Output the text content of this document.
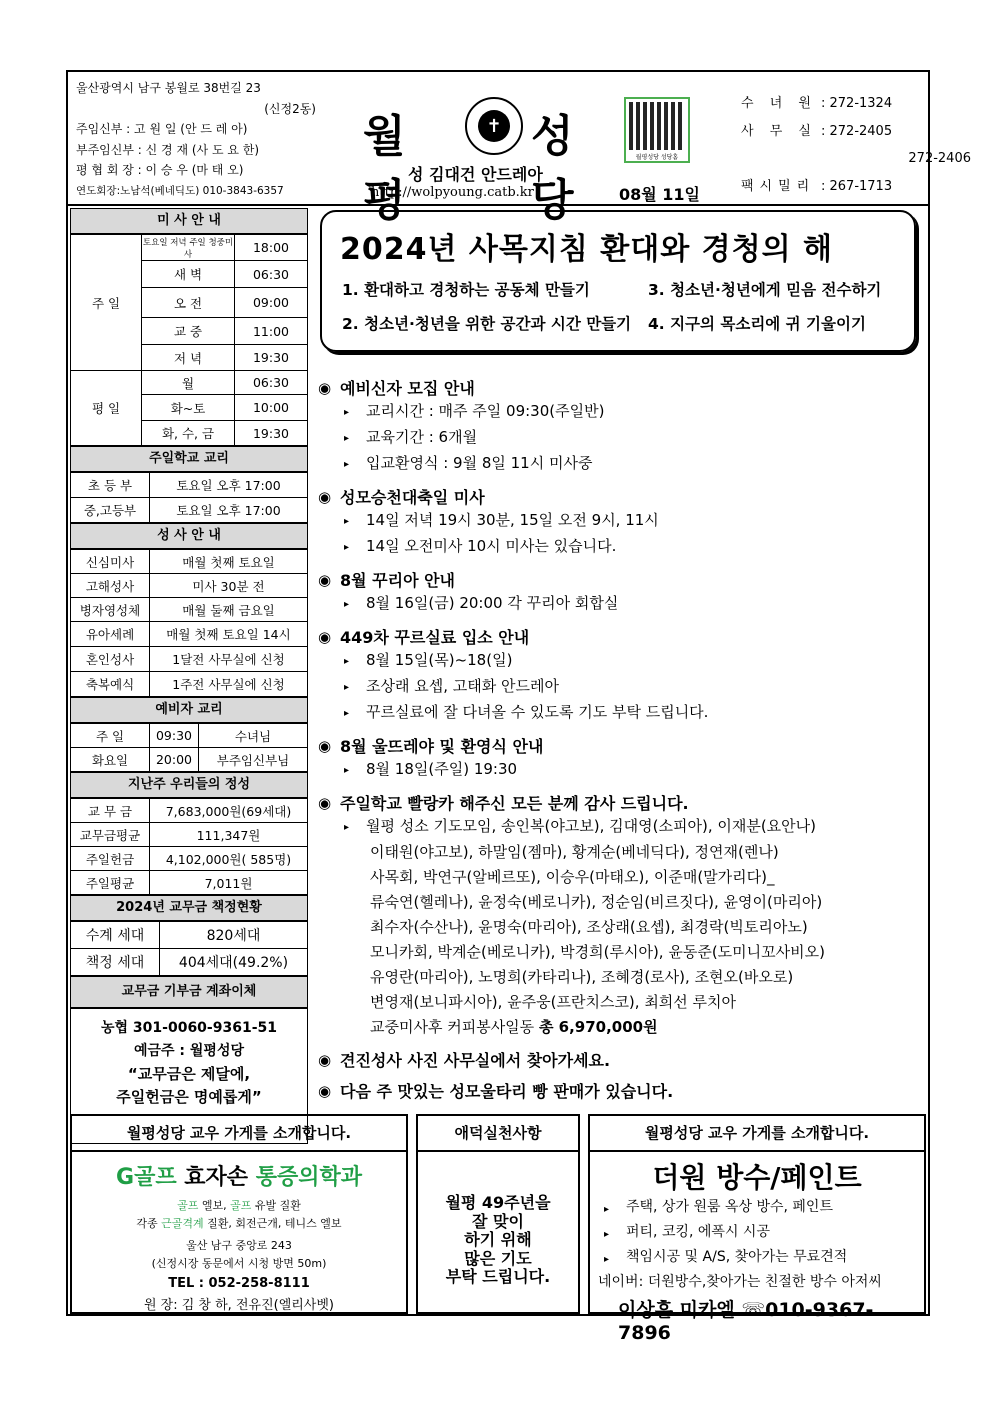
울산광역시 남구 봉월로 38번길 23
(신정2동)
주임신부 : 고 원 일 (안 드 레 아)
부주임신부 : 신 경 재 (사 도 요 한)
평 협 회 장 : 이 승 우 (마 태 오)
연도회장:노남석(베네딕도) 010-3843-6357
월평
성당
✝
성 김대건 안드레아
http://wolpyoung.catb.kr	08월 11일
월평성당 성당홈
수 녀 원 : 272-1324
사 무 실 : 272-2405
272-2406
팩시밀리 : 267-1713
미 사 안 내
주 일	토요일 저녁 주일 청중미사	18:00
	새 벽	06:30
	오 전	09:00
	교 중	11:00
	저 녁	19:30
평 일	월	06:30
	화~토	10:00
	화, 수, 금	19:30
주일학교 교리
초 등 부	토요일 오후 17:00
중,고등부	토요일 오후 17:00
성 사 안 내
신심미사	매월 첫째 토요일
고해성사	미사 30분 전
병자영성체	매월 둘째 금요일
유아세례	매월 첫째 토요일 14시
혼인성사	1달전 사무실에 신청
축복예식	1주전 사무실에 신청
예비자 교리
주 일	09:30	수녀님
화요일	20:00	부주임신부님
지난주 우리들의 정성
교 무 금	7,683,000원(69세대)
교무금평균	111,347원
주일헌금	4,102,000원( 585명)
주일평균	7,011원
2024년 교무금 책정현황
수계 세대	820세대
책정 세대	404세대(49.2%)
교무금 기부금 계좌이체
농협 301-0060-9361-51
예금주 : 월평성당
“교무금은 제달에,
주일헌금은 명예롭게”
2024년 사목지침 환대와 경청의 해
1. 환대하고 경청하는 공동체 만들기
2. 청소년·청년을 위한 공간과 시간 만들기
3. 청소년·청년에게 믿음 전수하기
4. 지구의 목소리에 귀 기울이기
◉ 예비신자 모집 안내
▸	교리시간 : 매주 주일 09:30(주일반)
▸	교육기간 : 6개월
▸	입교환영식 : 9월 8일 11시 미사중
◉ 성모승천대축일 미사
▸	14일 저녁 19시 30분, 15일 오전 9시, 11시
▸	14일 오전미사 10시 미사는 있습니다.
◉ 8월 꾸리아 안내
▸	8월 16일(금) 20:00 각 꾸리아 회합실
◉ 449차 꾸르실료 입소 안내
▸	8월 15일(목)~18(일)
▸	조상래 요셉, 고태화 안드레아
▸	꾸르실료에 잘 다녀올 수 있도록 기도 부탁 드립니다.
◉ 8월 울뜨레야 및 환영식 안내
▸	8월 18일(주일) 19:30
◉ 주일학교 빨랑카 해주신 모든 분께 감사 드립니다.
▸	월평 성소 기도모임, 송인복(야고보), 김대영(소피아), 이재분(요안나)
이태원(야고보), 하말임(젬마), 황계순(베네딕다), 정연재(렌나)
사목회, 박연구(알베르또), 이승우(마태오), 이준매(말가리다)_
류숙연(헬레나), 윤정숙(베로니카), 정순임(비르짓다), 윤영이(마리아)
최수자(수산나), 윤명숙(마리아), 조상래(요셉), 최경락(빅토리아노)
모니카회, 박계순(베로니카), 박경희(루시아), 윤동준(도미니꼬사비오)
유영란(마리아), 노명희(카타리나), 조혜경(로사), 조현오(바오로)
변영재(보니파시아), 윤주웅(프란치스코), 최희선 루치아
교중미사후 커피봉사일동 총 6,970,000원
◉ 견진성사 사진 사무실에서 찾아가세요.
◉ 다음 주 맛있는 성모울타리 빵 판매가 있습니다.
월평성당 교우 가게를 소개합니다.
G골프 효자손 통증의학과
골프 엘보, 골프 유발 질환
각종 근골격계 질환, 회전근개, 테니스 엘보
울산 남구 중앙로 243
(신정시장 동문에서 시청 방면 50m)
TEL : 052-258-8111
원 장: 김 창 하, 전유진(엘리사벳)
애덕실천사항
월평 49주년을
잘 맞이
하기 위해
많은 기도
부탁 드립니다.
월평성당 교우 가게를 소개합니다.
더원 방수/페인트
▸	주택, 상가 원룸 옥상 방수, 페인트
▸	퍼티, 코킹, 에폭시 시공
▸	책임시공 및 A/S, 찾아가는 무료견적
네이버: 더원방수,찾아가는 친절한 방수 아저씨
이상훈 미카엘 ☏010-9367-7896
